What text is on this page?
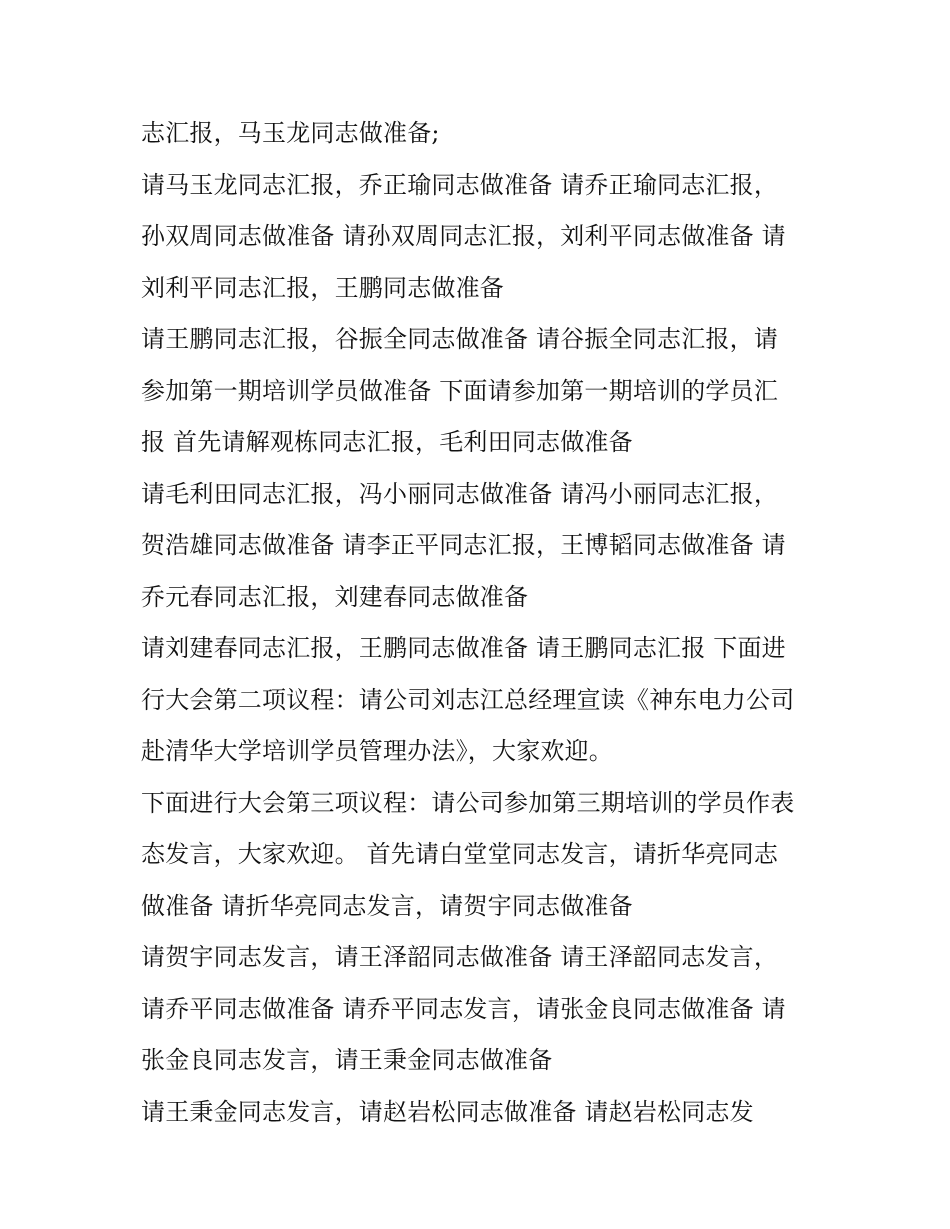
志汇报，马玉龙同志做准备;
请马玉龙同志汇报，乔正瑜同志做准备 请乔正瑜同志汇报，
孙双周同志做准备 请孙双周同志汇报，刘利平同志做准备 请
刘利平同志汇报，王鹏同志做准备
请王鹏同志汇报，谷振全同志做准备 请谷振全同志汇报，请
参加第一期培训学员做准备 下面请参加第一期培训的学员汇
报 首先请解观栋同志汇报，毛利田同志做准备
请毛利田同志汇报，冯小丽同志做准备 请冯小丽同志汇报，
贺浩雄同志做准备 请李正平同志汇报，王博韬同志做准备 请
乔元春同志汇报，刘建春同志做准备
请刘建春同志汇报，王鹏同志做准备 请王鹏同志汇报 下面进
行大会第二项议程：请公司刘志江总经理宣读《神东电力公司
赴清华大学培训学员管理办法》，大家欢迎。
下面进行大会第三项议程：请公司参加第三期培训的学员作表
态发言，大家欢迎。 首先请白堂堂同志发言，请折华亮同志
做准备 请折华亮同志发言，请贺宇同志做准备
请贺宇同志发言，请王泽韶同志做准备 请王泽韶同志发言，
请乔平同志做准备 请乔平同志发言，请张金良同志做准备 请
张金良同志发言，请王秉金同志做准备
请王秉金同志发言，请赵岩松同志做准备 请赵岩松同志发
